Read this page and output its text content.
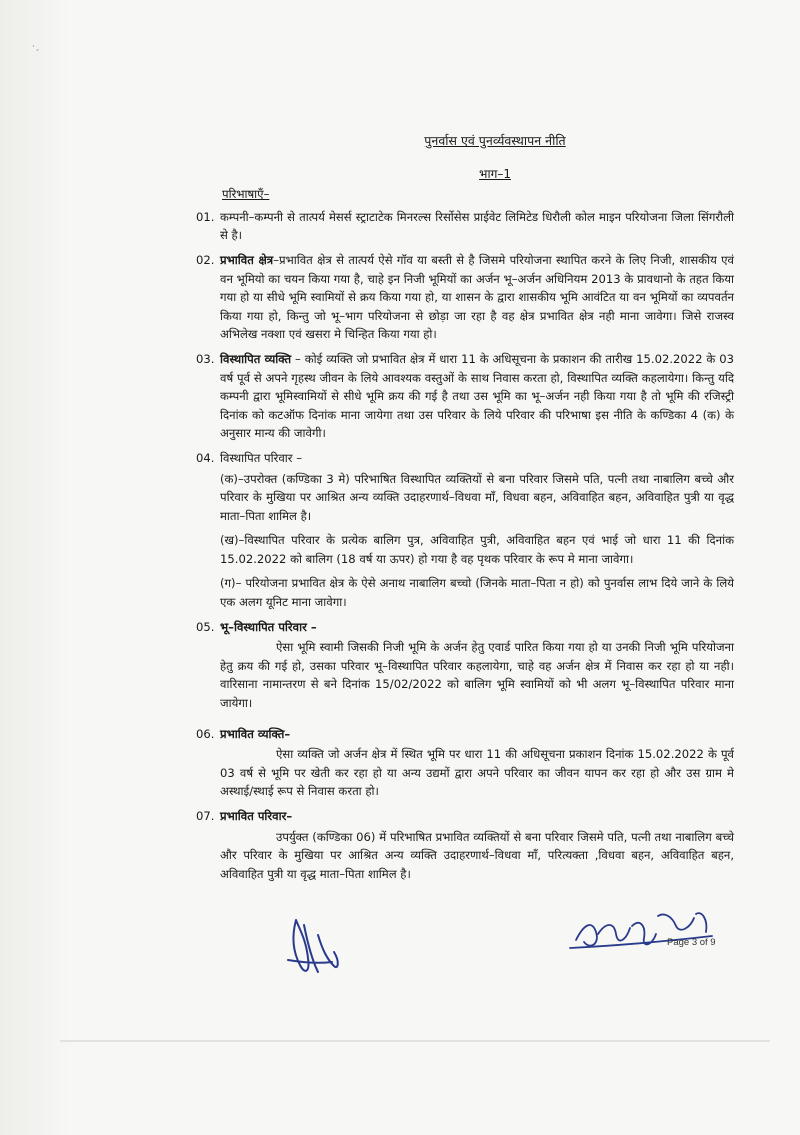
·ˏ
पुनर्वास एवं पुनर्व्यवस्थापन नीति
भाग–1
परिभाषाएँ–
01. कम्पनी–कम्पनी से तात्पर्य मेसर्स स्ट्राटाटेक मिनरल्स रिर्सोसेस प्राईवेट लिमिटेड धिरौली कोल माइन परियोजना जिला सिंगरौली से है।
02. प्रभावित क्षेत्र–प्रभावित क्षेत्र से तात्पर्य ऐसे गॉव या बस्ती से है जिसमे परियोजना स्थापित करने के लिए निजी, शासकीय एवं वन भूमियो का चयन किया गया है, चाहे इन निजी भूमियों का अर्जन भू–अर्जन अधिनियम 2013 के प्रावधानो के तहत किया गया हो या सीधे भूमि स्वामियों से क्रय किया गया हो, या शासन के द्वारा शासकीय भूमि आवंटित या वन भूमियों का व्यपवर्तन किया गया हो, किन्तु जो भू–भाग परियोजना से छोड़ा जा रहा है वह क्षेत्र प्रभावित क्षेत्र नही माना जावेगा। जिसे राजस्व अभिलेख नक्शा एवं खसरा मे चिन्हित किया गया हो।
03. विस्थापित व्यक्ति – कोई व्यक्ति जो प्रभावित क्षेत्र में धारा 11 के अधिसूचना के प्रकाशन की तारीख 15.02.2022 के 03 वर्ष पूर्व से अपने गृहस्थ जीवन के लिये आवश्यक वस्तुओं के साथ निवास करता हो, विस्थापित व्यक्ति कहलायेगा। किन्तु यदि कम्पनी द्वारा भूमिस्वामियों से सीधे भूमि क्रय की गई है तथा उस भूमि का भू–अर्जन नही किया गया है तो भूमि की रजिस्ट्री दिनांक को कटऑफ दिनांक माना जायेगा तथा उस परिवार के लिये परिवार की परिभाषा इस नीति के कण्डिका 4 (क) के अनुसार मान्य की जावेगी।
04. विस्थापित परिवार –
(क)–उपरोक्त (कण्डिका 3 मे) परिभाषित विस्थापित व्यक्तियों से बना परिवार जिसमे पति, पत्नी तथा नाबालिग बच्चे और परिवार के मुखिया पर आश्रित अन्य व्यक्ति उदाहरणार्थ–विधवा मॉं, विधवा बहन, अविवाहित बहन, अविवाहित पुत्री या वृद्ध माता–पिता शामिल है।
(ख)–विस्थापित परिवार के प्रत्येक बालिग पुत्र, अविवाहित पुत्री, अविवाहित बहन एवं भाई जो धारा 11 की दिनांक 15.02.2022 को बालिग (18 वर्ष या ऊपर) हो गया है वह पृथक परिवार के रूप मे माना जावेगा।
(ग)– परियोजना प्रभावित क्षेत्र के ऐसे अनाथ नाबालिग बच्चो (जिनके माता–पिता न हो) को पुनर्वास लाभ दिये जाने के लिये एक अलग यूनिट माना जावेगा।
05. भू–विस्थापित परिवार –
ऐसा भूमि स्वामी जिसकी निजी भूमि के अर्जन हेतु एवार्ड पारित किया गया हो या उनकी निजी भूमि परियोजना हेतु क्रय की गई हो, उसका परिवार भू–विस्थापित परिवार कहलायेगा, चाहे वह अर्जन क्षेत्र में निवास कर रहा हो या नही। वारिसाना नामान्तरण से बने दिनांक 15/02/2022 को बालिग भूमि स्वामियों को भी अलग भू–विस्थापित परिवार माना जायेगा।
06. प्रभावित व्यक्ति–
ऐसा व्यक्ति जो अर्जन क्षेत्र में स्थित भूमि पर धारा 11 की अधिसूचना प्रकाशन दिनांक 15.02.2022 के पूर्व 03 वर्ष से भूमि पर खेती कर रहा हो या अन्य उद्यमों द्वारा अपने परिवार का जीवन यापन कर रहा हो और उस ग्राम मे अस्थाई/स्थाई रूप से निवास करता हो।
07. प्रभावित परिवार–
उपर्युक्त (कण्डिका 06) में परिभाषित प्रभावित व्यक्तियों से बना परिवार जिसमे पति, पत्नी तथा नाबालिग बच्चे और परिवार के मुखिया पर आश्रित अन्य व्यक्ति उदाहरणार्थ–विधवा मॉं, परित्यक्ता ,विधवा बहन, अविवाहित बहन, अविवाहित पुत्री या वृद्ध माता–पिता शामिल है।
Page 3 of 9
